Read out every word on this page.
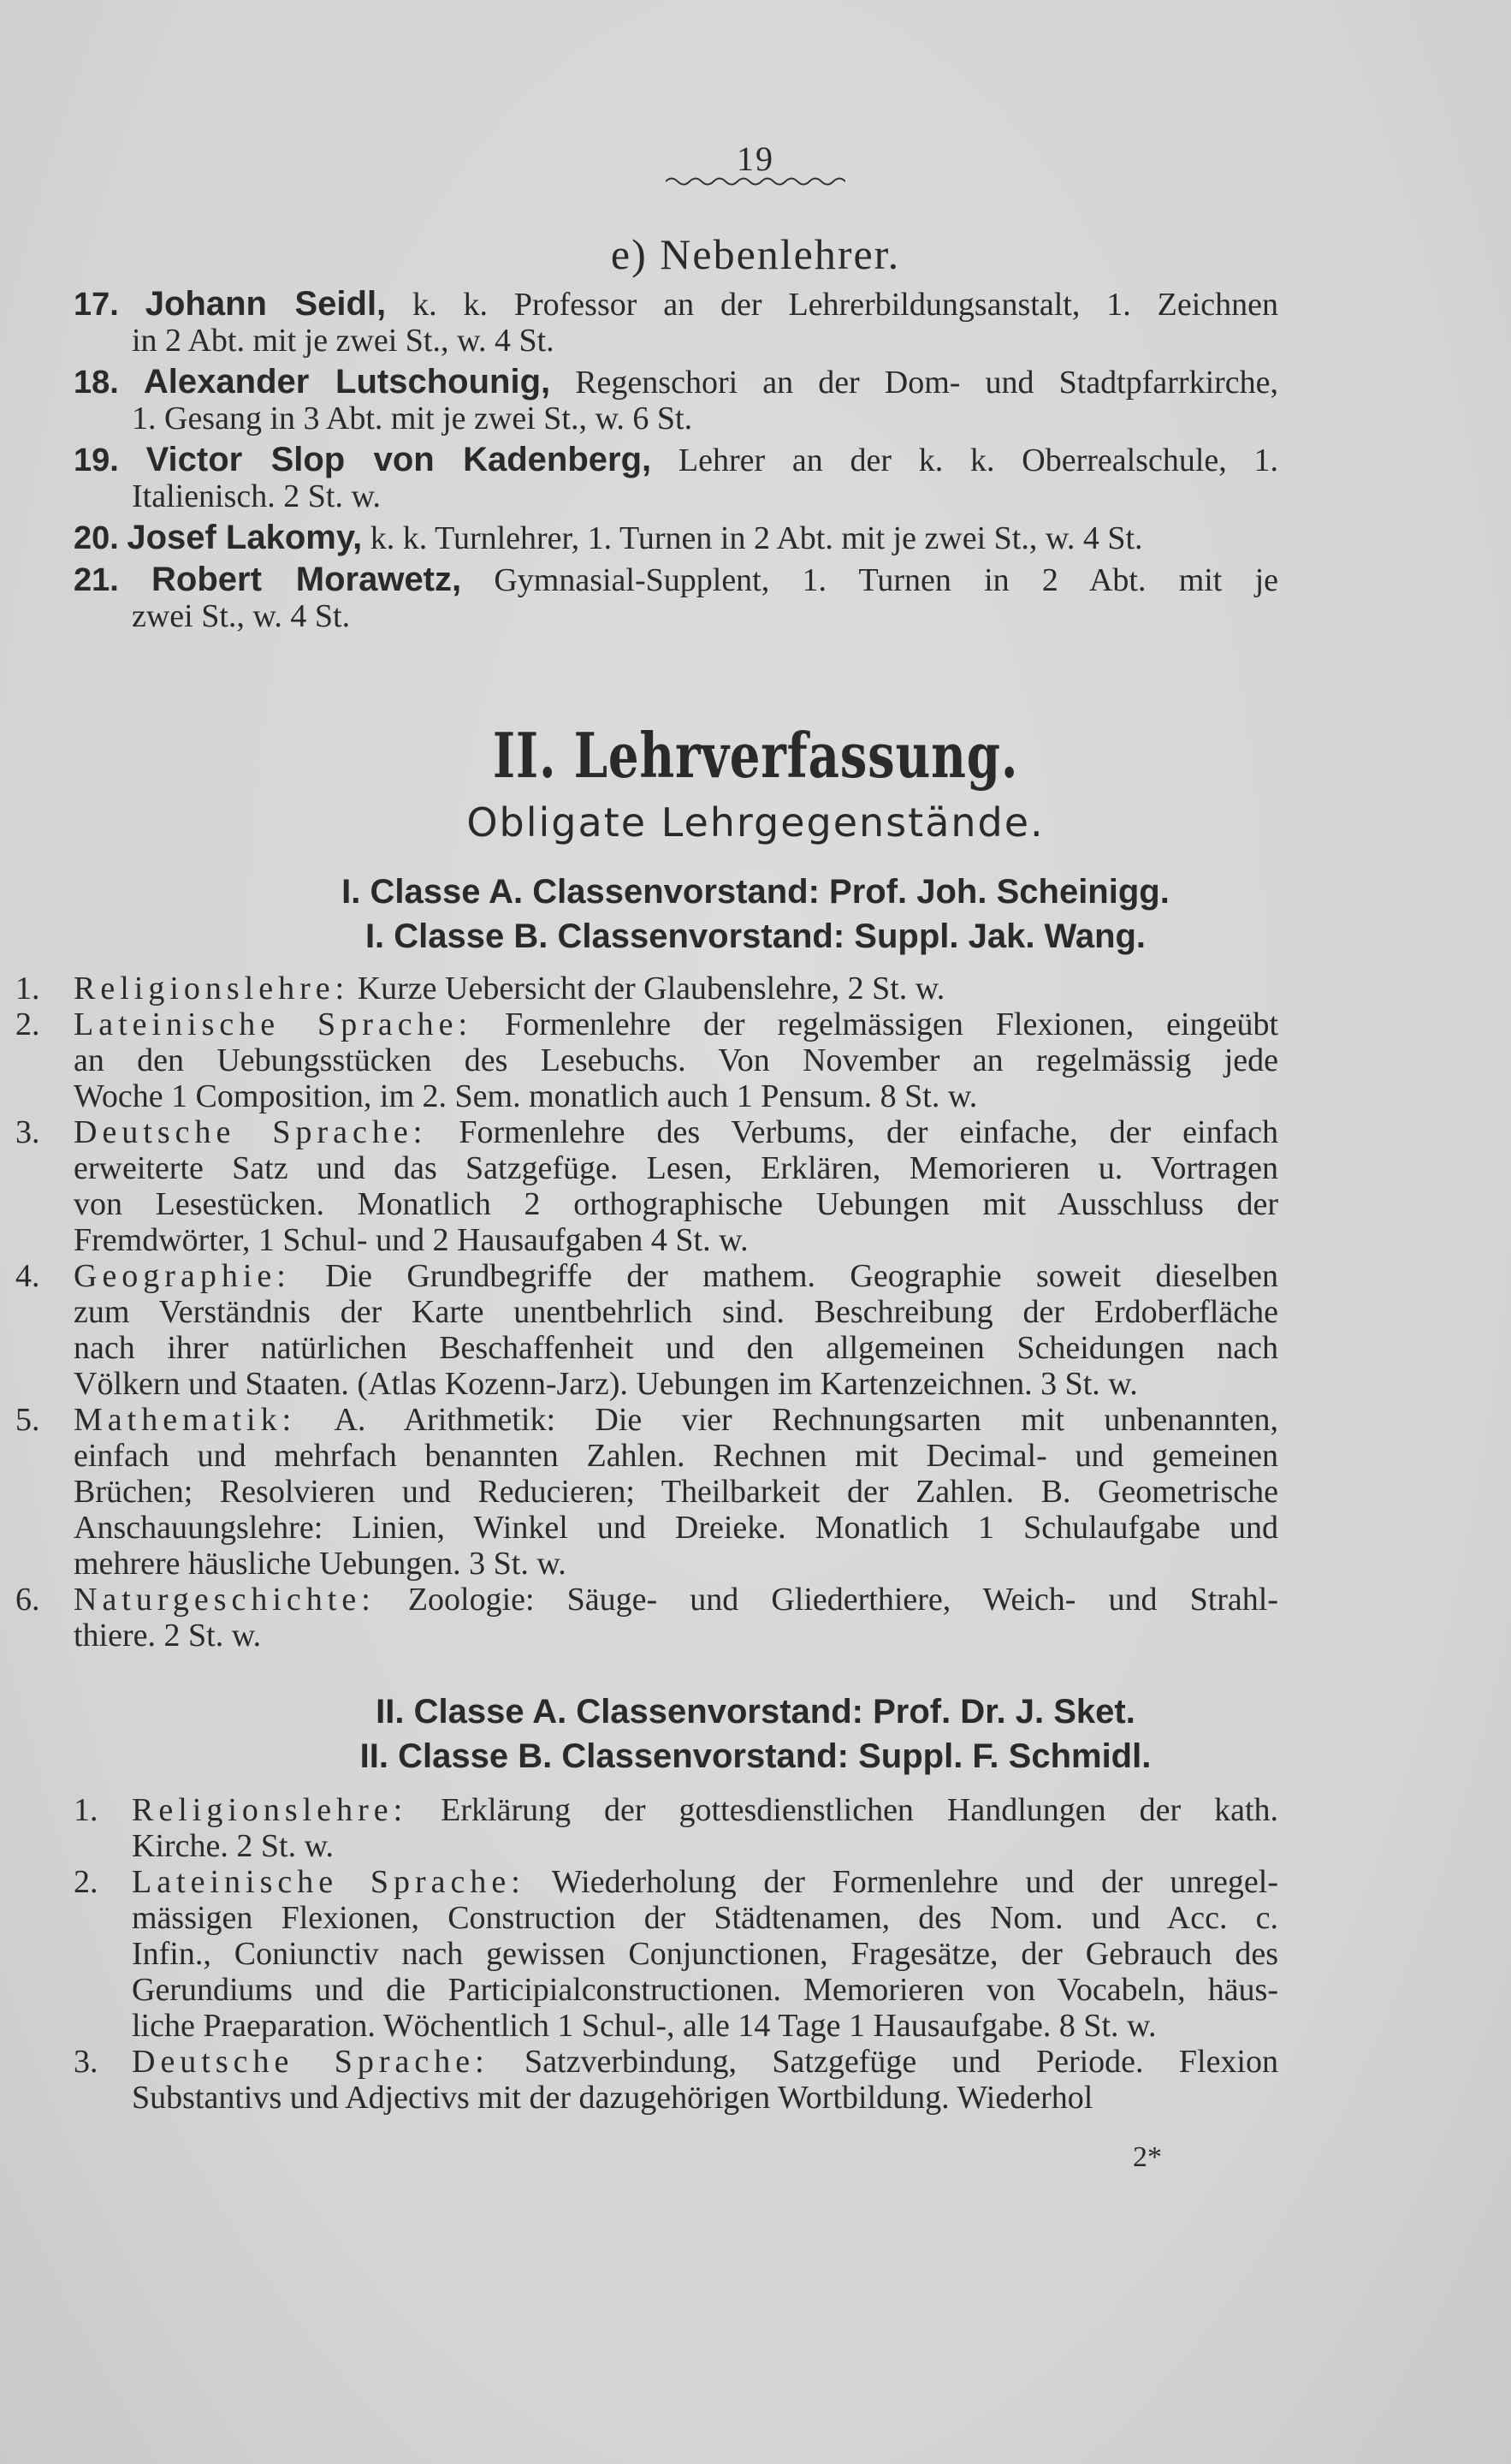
19
e) Nebenlehrer.
17. Johann Seidl, k. k. Professor an der Lehrerbildungsanstalt, 1. Zeichnen
in 2 Abt. mit je zwei St., w. 4 St.
18. Alexander Lutschounig, Regenschori an der Dom- und Stadtpfarrkirche,
1. Gesang in 3 Abt. mit je zwei St., w. 6 St.
19. Victor Slop von Kadenberg, Lehrer an der k. k. Oberrealschule, 1.
Italienisch. 2 St. w.
20. Josef Lakomy, k. k. Turnlehrer, 1. Turnen in 2 Abt. mit je zwei St., w. 4 St.
21. Robert Morawetz, Gymnasial-Supplent, 1. Turnen in 2 Abt. mit je
zwei St., w. 4 St.
II. Lehrverfassung.
Obligate Lehrgegenstände.
I. Classe A. Classenvorstand: Prof. Joh. Scheinigg.
I. Classe B. Classenvorstand: Suppl. Jak. Wang.
1. Religionslehre: Kurze Uebersicht der Glaubenslehre, 2 St. w.
2. Lateinische Sprache: Formenlehre der regelmässigen Flexionen, eingeübt
an den Uebungsstücken des Lesebuchs. Von November an regelmässig jede
Woche 1 Composition, im 2. Sem. monatlich auch 1 Pensum. 8 St. w.
3. Deutsche Sprache: Formenlehre des Verbums, der einfache, der einfach
erweiterte Satz und das Satzgefüge. Lesen, Erklären, Memorieren u. Vortragen
von Lesestücken. Monatlich 2 orthographische Uebungen mit Ausschluss der
Fremdwörter, 1 Schul- und 2 Hausaufgaben 4 St. w.
4. Geographie: Die Grundbegriffe der mathem. Geographie soweit dieselben
zum Verständnis der Karte unentbehrlich sind. Beschreibung der Erdoberfläche
nach ihrer natürlichen Beschaffenheit und den allgemeinen Scheidungen nach
Völkern und Staaten. (Atlas Kozenn-Jarz). Uebungen im Kartenzeichnen. 3 St. w.
5. Mathematik: A. Arithmetik: Die vier Rechnungsarten mit unbenannten,
einfach und mehrfach benannten Zahlen. Rechnen mit Decimal- und gemeinen
Brüchen; Resolvieren und Reducieren; Theilbarkeit der Zahlen. B. Geometrische
Anschauungslehre: Linien, Winkel und Dreieke. Monatlich 1 Schulaufgabe und
mehrere häusliche Uebungen. 3 St. w.
6. Naturgeschichte: Zoologie: Säuge- und Gliederthiere, Weich- und Strahl-
thiere. 2 St. w.
II. Classe A. Classenvorstand: Prof. Dr. J. Sket.
II. Classe B. Classenvorstand: Suppl. F. Schmidl.
1. Religionslehre: Erklärung der gottesdienstlichen Handlungen der kath.
Kirche. 2 St. w.
2. Lateinische Sprache: Wiederholung der Formenlehre und der unregel-
mässigen Flexionen, Construction der Städtenamen, des Nom. und Acc. c.
Infin., Coniunctiv nach gewissen Conjunctionen, Fragesätze, der Gebrauch des
Gerundiums und die Participialconstructionen. Memorieren von Vocabeln, häus-
liche Praeparation. Wöchentlich 1 Schul-, alle 14 Tage 1 Hausaufgabe. 8 St. w.
3. Deutsche Sprache: Satzverbindung, Satzgefüge und Periode. Flexion
Substantivs und Adjectivs mit der dazugehörigen Wortbildung. Wiederhol
2*
